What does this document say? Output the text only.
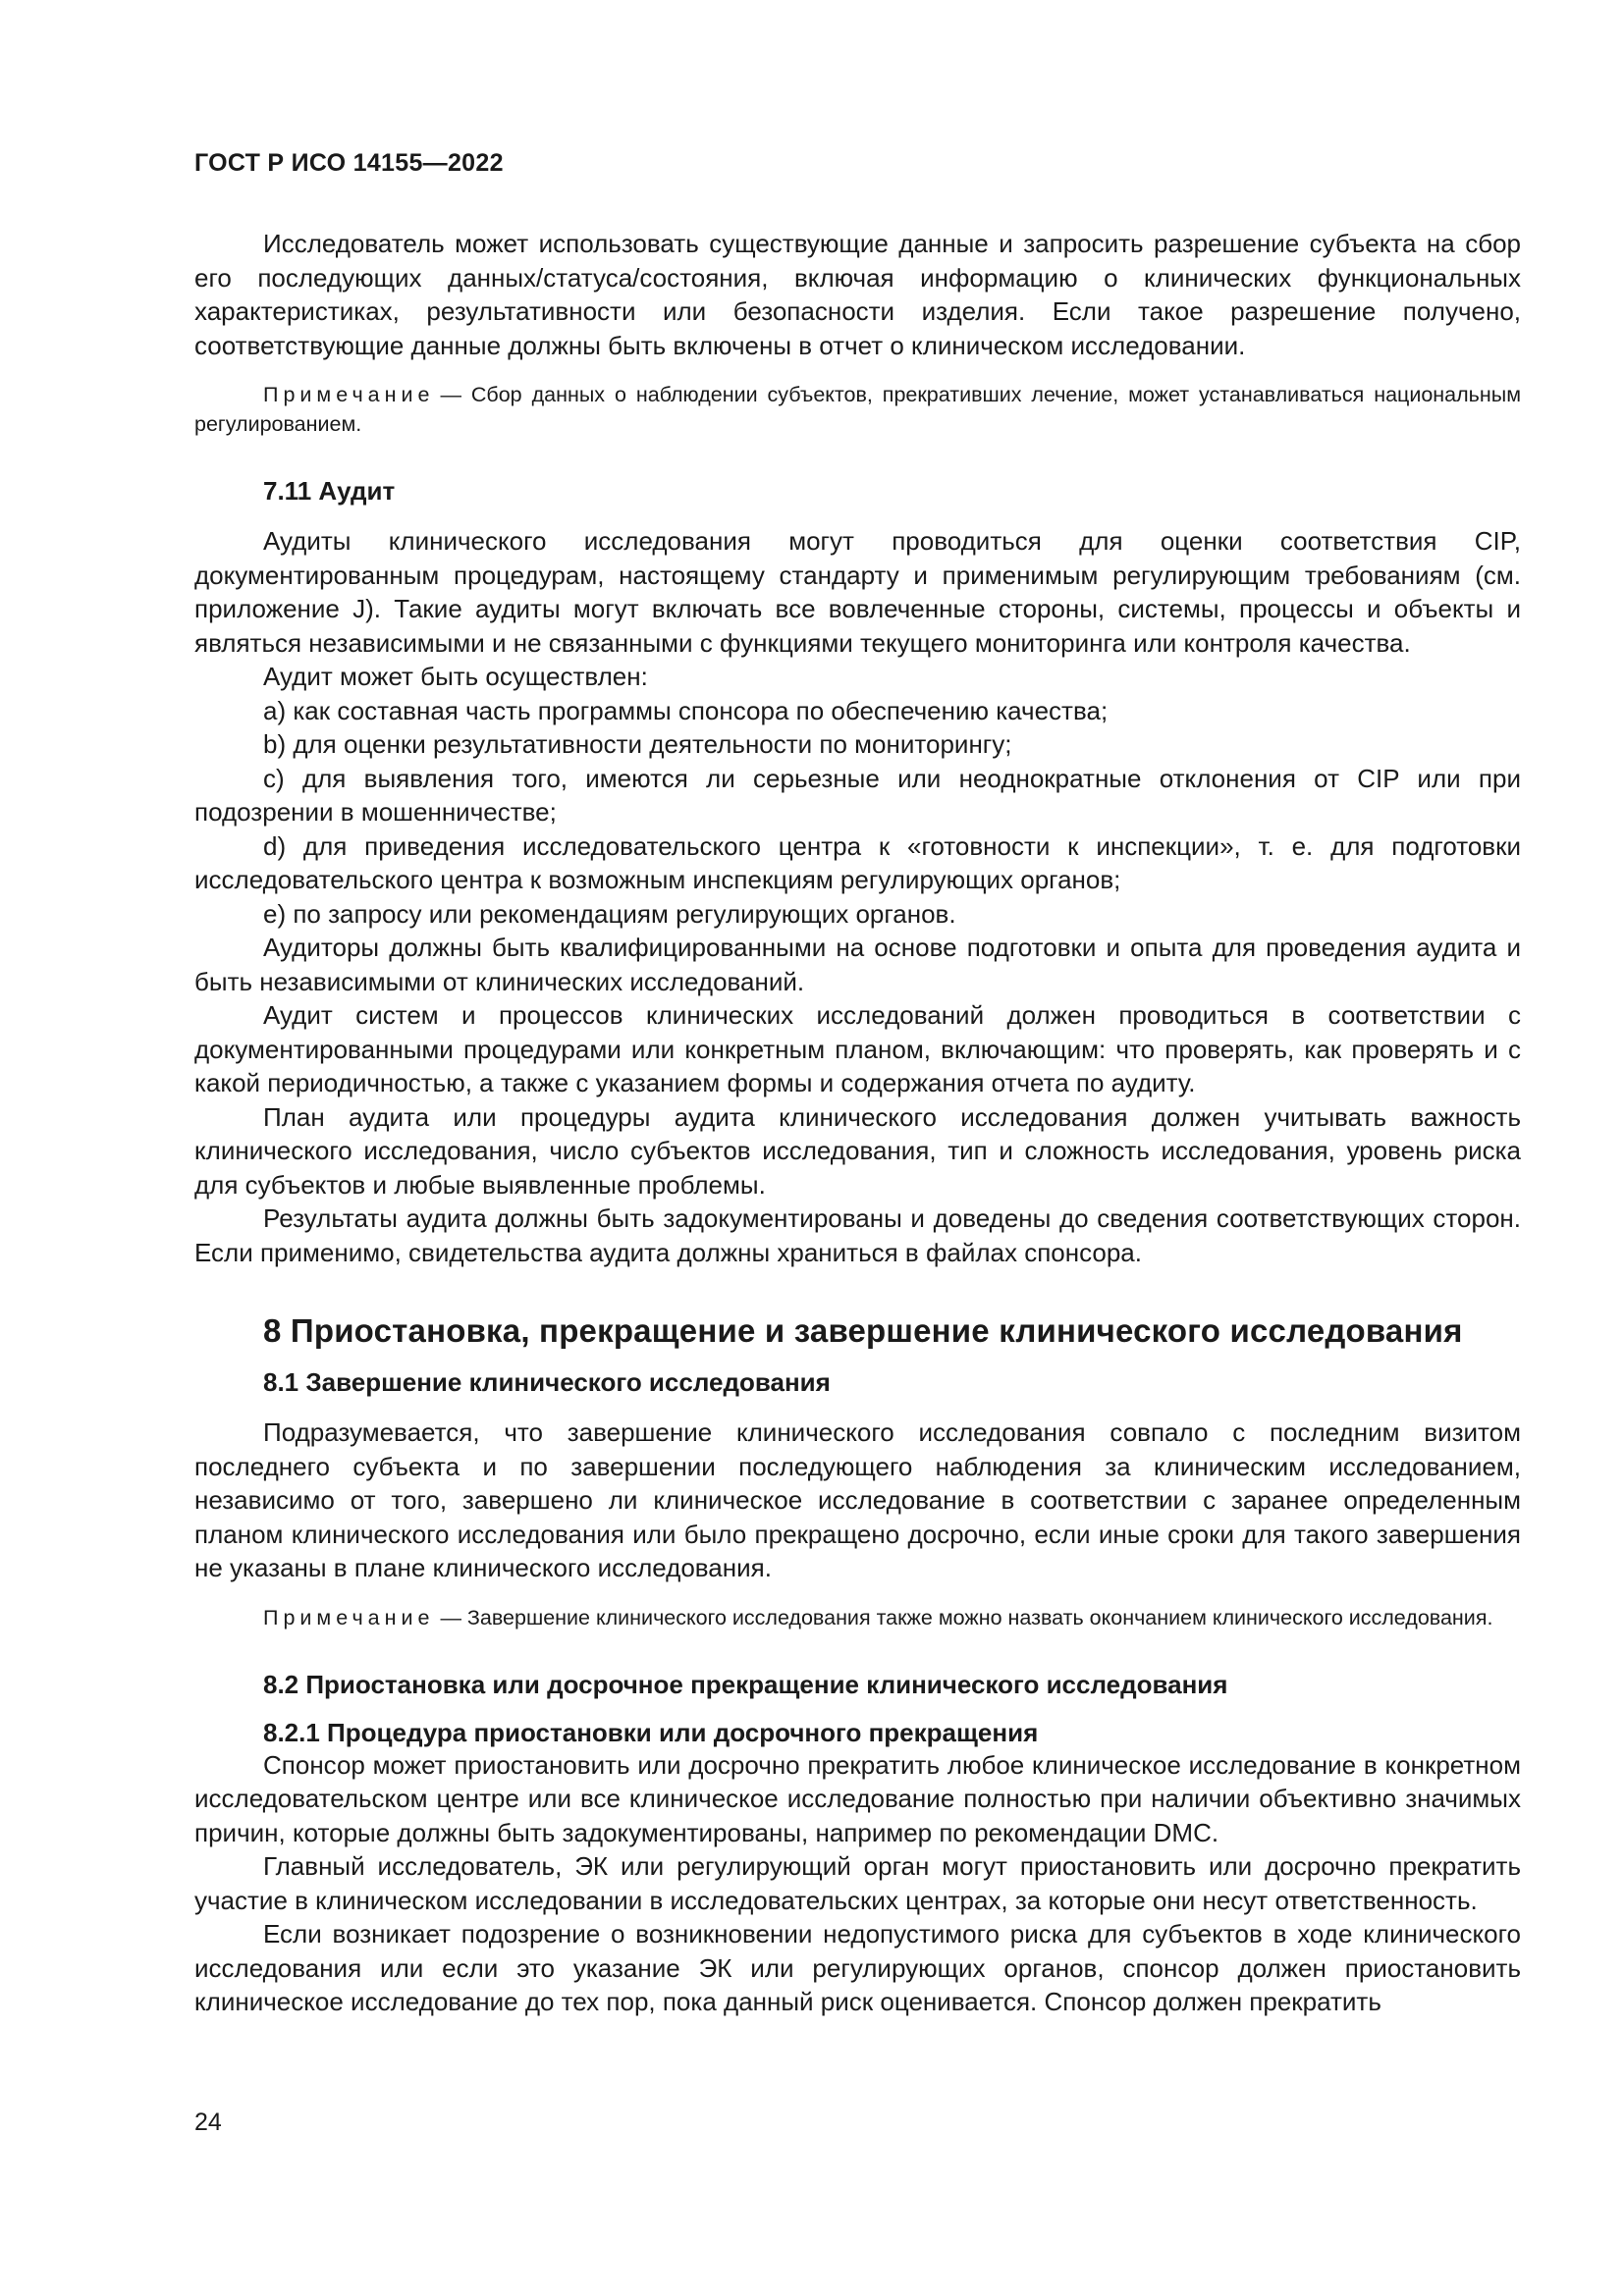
ГОСТ Р ИСО 14155—2022

Исследователь может использовать существующие данные и запросить разрешение субъекта на сбор его последующих данных/статуса/состояния, включая информацию о клинических функциональных характеристиках, результативности или безопасности изделия. Если такое разрешение получено, соответствующие данные должны быть включены в отчет о клиническом исследовании.

Примечание — Сбор данных о наблюдении субъектов, прекративших лечение, может устанавливаться национальным регулированием.

7.11 Аудит

Аудиты клинического исследования могут проводиться для оценки соответствия CIP, документированным процедурам, настоящему стандарту и применимым регулирующим требованиям (см. приложение J). Такие аудиты могут включать все вовлеченные стороны, системы, процессы и объекты и являться независимыми и не связанными с функциями текущего мониторинга или контроля качества.

Аудит может быть осуществлен:

a) как составная часть программы спонсора по обеспечению качества;

b) для оценки результативности деятельности по мониторингу;

c) для выявления того, имеются ли серьезные или неоднократные отклонения от CIP или при подозрении в мошенничестве;

d) для приведения исследовательского центра к «готовности к инспекции», т. е. для подготовки исследовательского центра к возможным инспекциям регулирующих органов;

e) по запросу или рекомендациям регулирующих органов.

Аудиторы должны быть квалифицированными на основе подготовки и опыта для проведения аудита и быть независимыми от клинических исследований.

Аудит систем и процессов клинических исследований должен проводиться в соответствии с документированными процедурами или конкретным планом, включающим: что проверять, как проверять и с какой периодичностью, а также с указанием формы и содержания отчета по аудиту.

План аудита или процедуры аудита клинического исследования должен учитывать важность клинического исследования, число субъектов исследования, тип и сложность исследования, уровень риска для субъектов и любые выявленные проблемы.

Результаты аудита должны быть задокументированы и доведены до сведения соответствующих сторон. Если применимо, свидетельства аудита должны храниться в файлах спонсора.

8 Приостановка, прекращение и завершение клинического исследования
8.1 Завершение клинического исследования

Подразумевается, что завершение клинического исследования совпало с последним визитом последнего субъекта и по завершении последующего наблюдения за клиническим исследованием, независимо от того, завершено ли клиническое исследование в соответствии с заранее определенным планом клинического исследования или было прекращено досрочно, если иные сроки для такого завершения не указаны в плане клинического исследования.

Примечание — Завершение клинического исследования также можно назвать окончанием клинического исследования.

8.2 Приостановка или досрочное прекращение клинического исследования
8.2.1 Процедура приостановки или досрочного прекращения

Спонсор может приостановить или досрочно прекратить любое клиническое исследование в конкретном исследовательском центре или все клиническое исследование полностью при наличии объективно значимых причин, которые должны быть задокументированы, например по рекомендации DMC.

Главный исследователь, ЭК или регулирующий орган могут приостановить или досрочно прекратить участие в клиническом исследовании в исследовательских центрах, за которые они несут ответственность.

Если возникает подозрение о возникновении недопустимого риска для субъектов в ходе клинического исследования или если это указание ЭК или регулирующих органов, спонсор должен приостановить клиническое исследование до тех пор, пока данный риск оценивается. Спонсор должен прекратить

24
